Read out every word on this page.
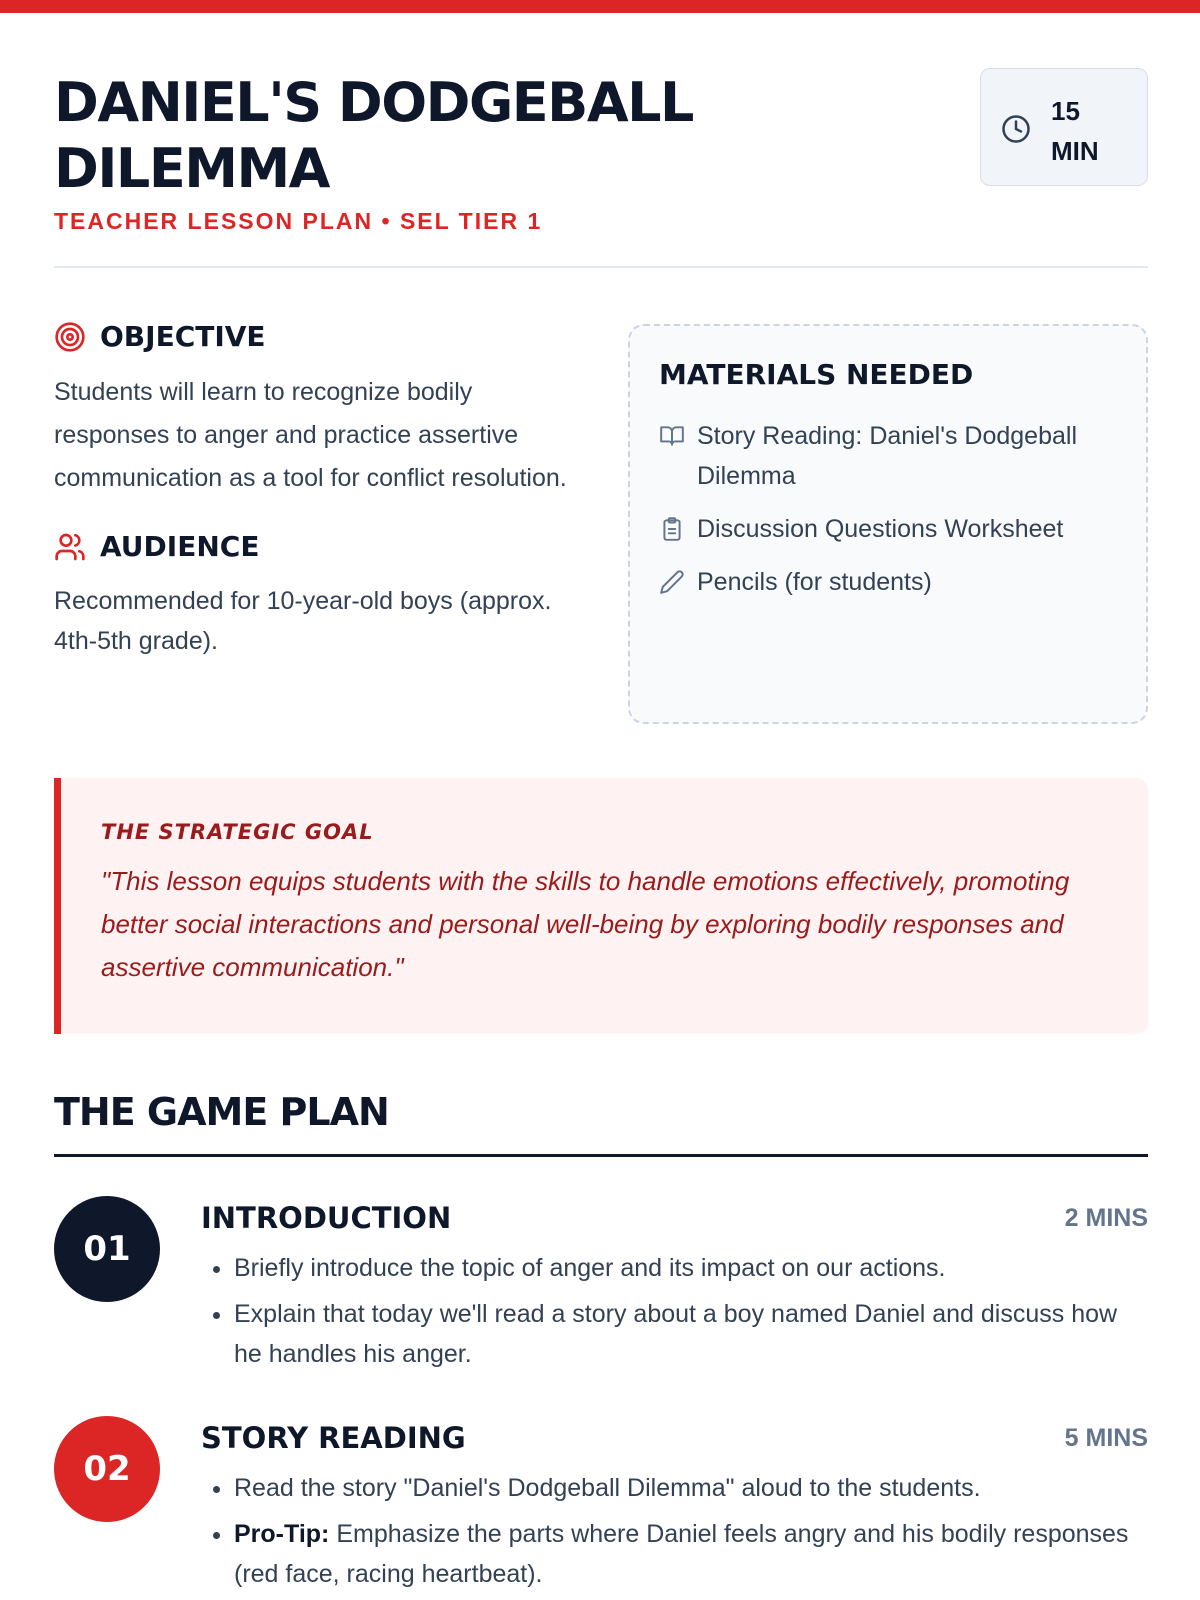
DANIEL'S DODGEBALL DILEMMA
TEACHER LESSON PLAN • SEL TIER 1
15
MIN
OBJECTIVE

Students will learn to recognize bodily responses to anger and practice assertive communication as a tool for conflict resolution.

AUDIENCE

Recommended for 10-year-old boys (approx. 4th-5th grade).

MATERIALS NEEDED
Story Reading: Daniel's Dodgeball Dilemma
Discussion Questions Worksheet
Pencils (for students)
THE STRATEGIC GOAL

"This lesson equips students with the skills to handle emotions effectively, promoting better social interactions and personal well-being by exploring bodily responses and assertive communication."

THE GAME PLAN
01
INTRODUCTION	2 MINS
• Briefly introduce the topic of anger and its impact on our actions.
• Explain that today we'll read a story about a boy named Daniel and discuss how he handles his anger.
02
STORY READING	5 MINS
• Read the story "Daniel's Dodgeball Dilemma" aloud to the students.
• Pro-Tip: Emphasize the parts where Daniel feels angry and his bodily responses (red face, racing heartbeat).
